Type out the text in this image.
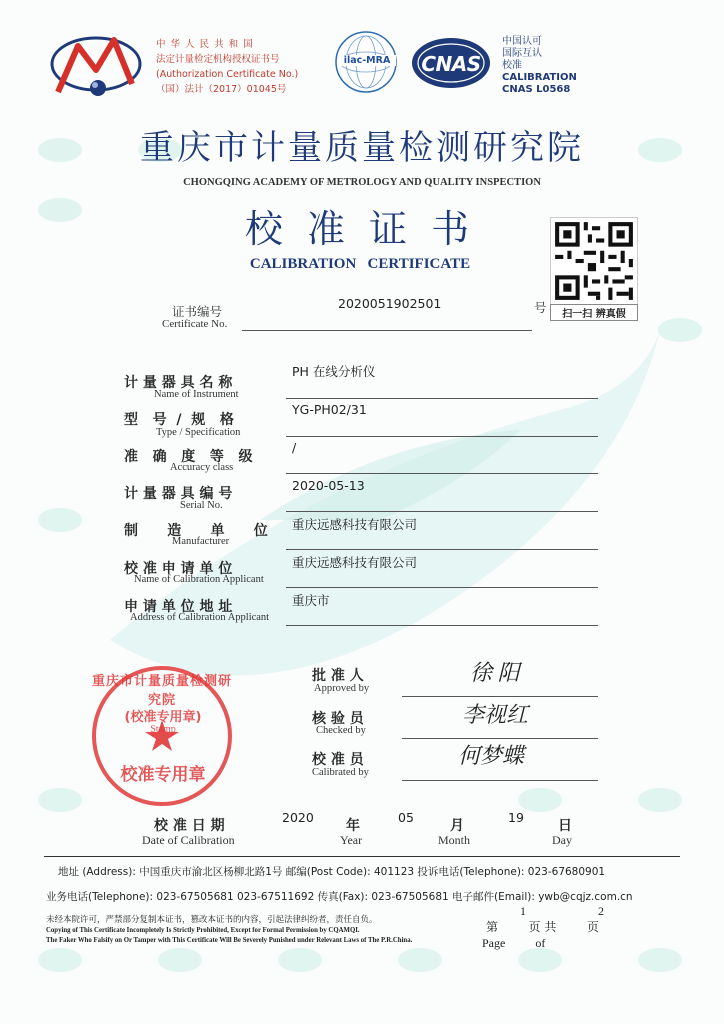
中 华 人 民 共 和 国
法定计量检定机构授权证书号
(Authorization Certificate No.)
（国）法计（2017）01045号
ilac-MRA	CNAS
中国认可
国际互认
校准
CALIBRATION
CNAS L0568
重庆市计量质量检测研究院
CHONGQING ACADEMY OF METROLOGY AND QUALITY INSPECTION
校 准 证 书
CALIBRATION   CERTIFICATE
扫一扫 辨真假
证书编号
Certificate No.
2020051902501	号
计 量 器 具 名 称
Name of Instrument
PH 在线分析仪
型   号  /  规   格
Type / Specification
YG-PH02/31
准   确   度   等   级
Accuracy class
/
计 量 器 具 编 号
Serial No.
2020-05-13
制      造      单      位
Manufacturer
重庆远感科技有限公司
校 准 申 请 单 位
Name of Calibration Applicant
重庆远感科技有限公司
申 请 单 位 地 址
Address of Calibration Applicant
重庆市
重庆市计量质量检测研究院
(校准专用章)
Stamp
校准专用章
批 准 人
Approved by
徐 阳
核 验 员
Checked by
李视红
校 准 员
Calibrated by
何梦蝶
校 准 日 期
Date of Calibration
2020
年
Year
05
月
Month
19
日
Day
地址 (Address): 中国重庆市渝北区杨柳北路1号 邮编(Post Code): 401123 投诉电话(Telephone): 023-67680901
业务电话(Telephone): 023-67505681 023-67511692 传真(Fax): 023-67505681 电子邮件(Email): ywb@cqjz.com.cn
未经本院许可，严禁部分复制本证书，篡改本证书的内容，引起法律纠纷者，责任自负。
Copying of This Certificate Incompletely Is Strictly Prohibited, Except for Formal Permission by CQAMQI.
The Faker Who Falsify on Or Tamper with This Certificate Will Be Severely Punished under Relevant Laws of The P.R.China.
第        页 共        页
Page          of
1	2
